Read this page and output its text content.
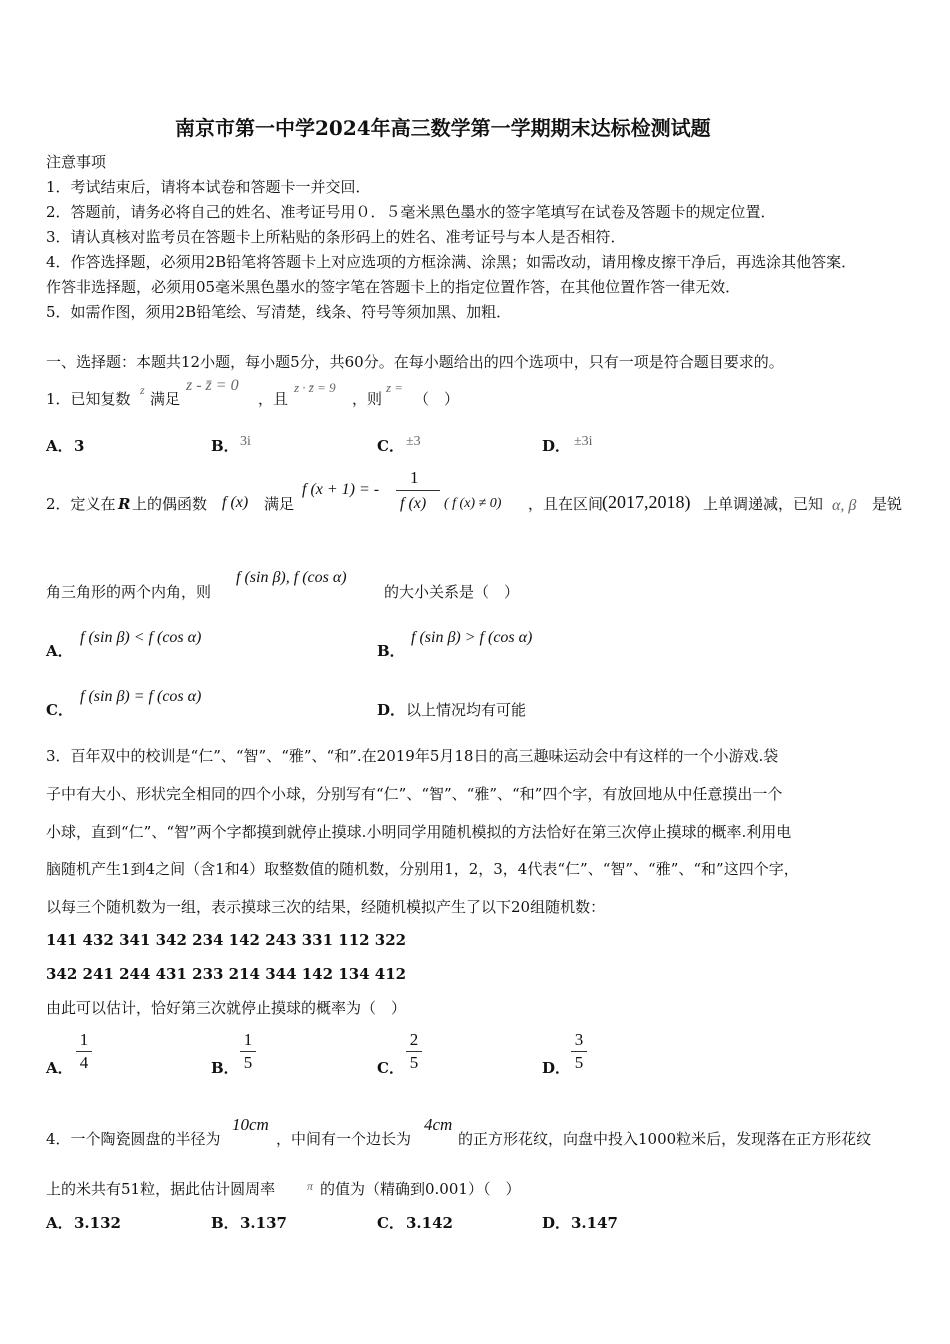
南京市第一中学2024年高三数学第一学期期末达标检测试题
注意事项
1．考试结束后，请将本试卷和答题卡一并交回．
2．答题前，请务必将自己的姓名、准考证号用０．５毫米黑色墨水的签字笔填写在试卷及答题卡的规定位置．
3．请认真核对监考员在答题卡上所粘贴的条形码上的姓名、准考证号与本人是否相符．
4．作答选择题，必须用2B铅笔将答题卡上对应选项的方框涂满、涂黑；如需改动，请用橡皮擦干净后，再选涂其他答案．
作答非选择题，必须用05毫米黑色墨水的签字笔在答题卡上的指定位置作答，在其他位置作答一律无效．
5．如需作图，须用2B铅笔绘、写清楚，线条、符号等须加黑、加粗．
一、选择题：本题共12小题，每小题5分，共60分。在每小题给出的四个选项中，只有一项是符合题目要求的。
1．已知复数 z 满足
z - z̄ = 0
，且
z · z̄ = 9
，则
z =
（　）
A． 3	B． 3i	C． ±3	D． ±3i
2．定义在 R 上的偶函数 f (x) 满足
f (x + 1) = -
1
f (x) ( f (x) ≠ 0) ，且在区间
(2017,2018) 上单调递减，已知 α, β 是锐
角三角形的两个内角，则
f (sin β), f (cos α)
的大小关系是（　）
A．
f (sin β) < f (cos α)
B．
f (sin β) > f (cos α)
C．
f (sin β) = f (cos α)
D． 以上情况均有可能
3．百年双中的校训是“仁”、“智”、“雅”、“和”.在2019年5月18日的高三趣味运动会中有这样的一个小游戏.袋
子中有大小、形状完全相同的四个小球，分别写有“仁”、“智”、“雅”、“和”四个字，有放回地从中任意摸出一个
小球，直到“仁”、“智”两个字都摸到就停止摸球.小明同学用随机模拟的方法恰好在第三次停止摸球的概率.利用电
脑随机产生1到4之间（含1和4）取整数值的随机数，分别用1，2，3，4代表“仁”、“智”、“雅”、“和”这四个字，
以每三个随机数为一组，表示摸球三次的结果，经随机模拟产生了以下20组随机数：
141 432 341 342 234 142 243 331 112 322
342 241 244 431 233 214 344 142 134 412
由此可以估计，恰好第三次就停止摸球的概率为（　）
A． $\frac{1}{4}$	B． $\frac{1}{5}$	C． $\frac{2}{5}$	D． $\frac{3}{5}$
4．一个陶瓷圆盘的半径为
10cm
，中间有一个边长为
4cm
的正方形花纹，向盘中投入1000粒米后，发现落在正方形花纹
上的米共有51粒，据此估计圆周率	π 的值为（精确到0.001）（　）
A． 3.132	B． 3.137	C． 3.142	D． 3.147
